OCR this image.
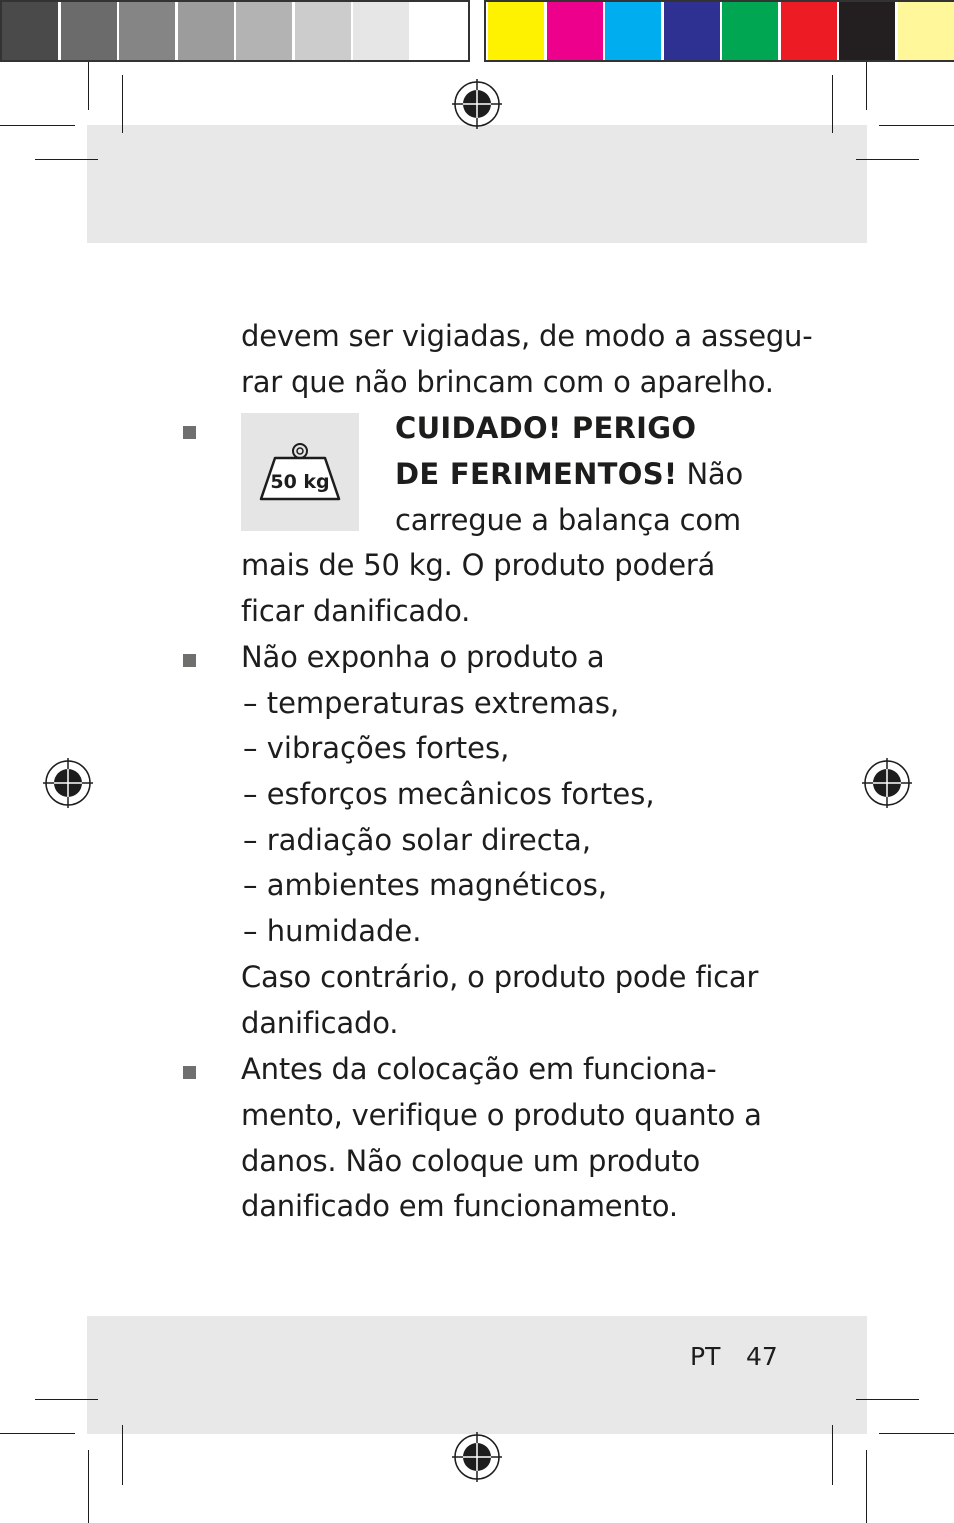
devem ser vigiadas, de modo a assegu-
rar que não brincam com o aparelho.
50 kg
CUIDADO! PERIGO
DE FERIMENTOS! Não
carregue a balança com
mais de 50 kg. O produto poderá
ficar danificado.
Não exponha o produto a
– temperaturas extremas,
– vibrações fortes,
– esforços mecânicos fortes,
– radiação solar directa,
– ambientes magnéticos,
– humidade.
Caso contrário, o produto pode ficar
danificado.
Antes da colocação em funciona-
mento, verifique o produto quanto a
danos. Não coloque um produto
danificado em funcionamento.
PT 47
